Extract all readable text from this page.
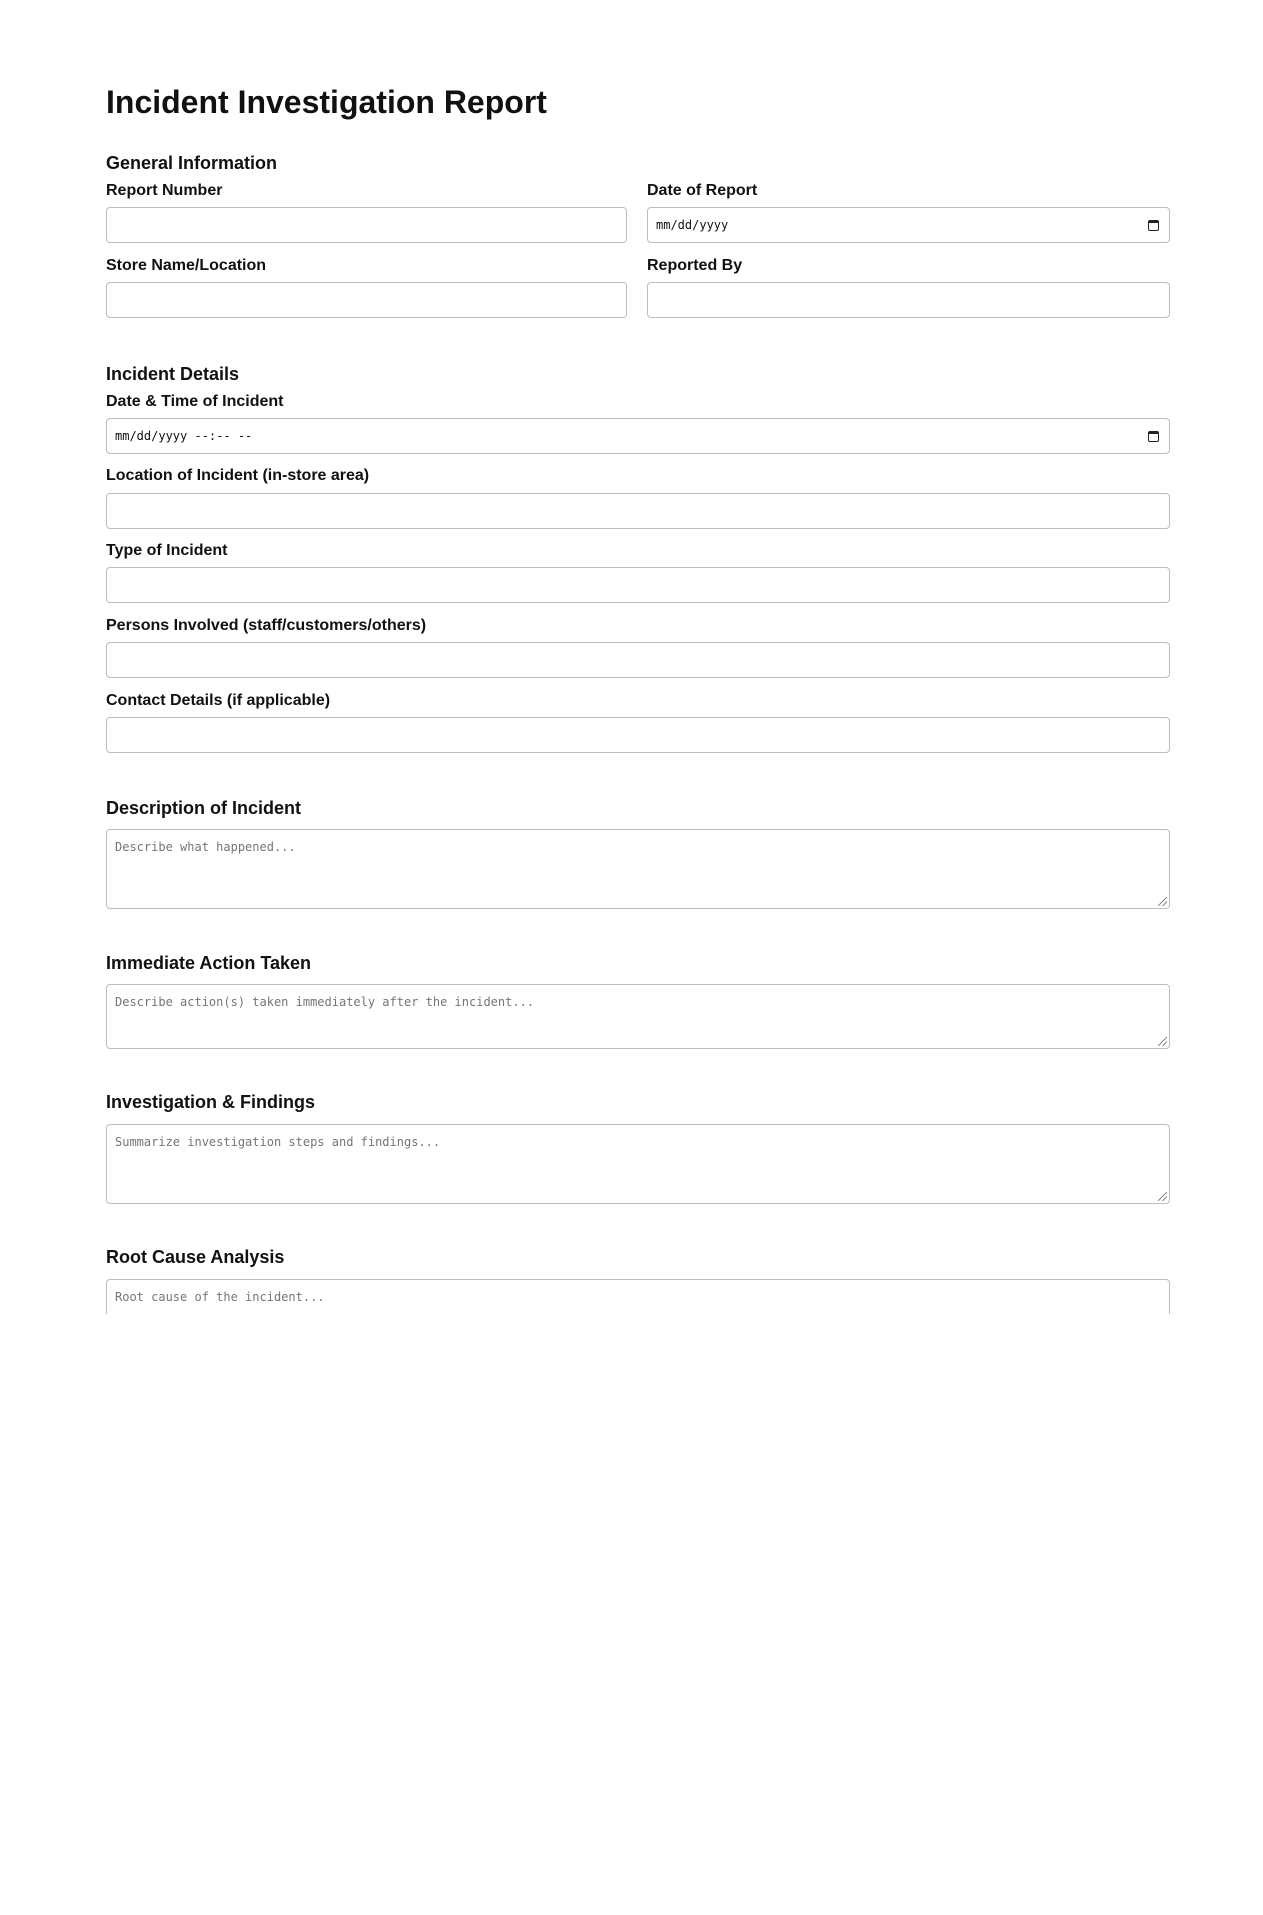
Incident Investigation Report
General Information
Report Number	Date of Report
mm/dd/yyyy
Store Name/Location	Reported By
Incident Details
Date & Time of Incident
mm/dd/yyyy --:-- --
Location of Incident (in-store area)
Type of Incident
Persons Involved (staff/customers/others)
Contact Details (if applicable)
Description of Incident
Describe what happened...
Immediate Action Taken
Describe action(s) taken immediately after the incident...
Investigation & Findings
Summarize investigation steps and findings...
Root Cause Analysis
Root cause of the incident...
